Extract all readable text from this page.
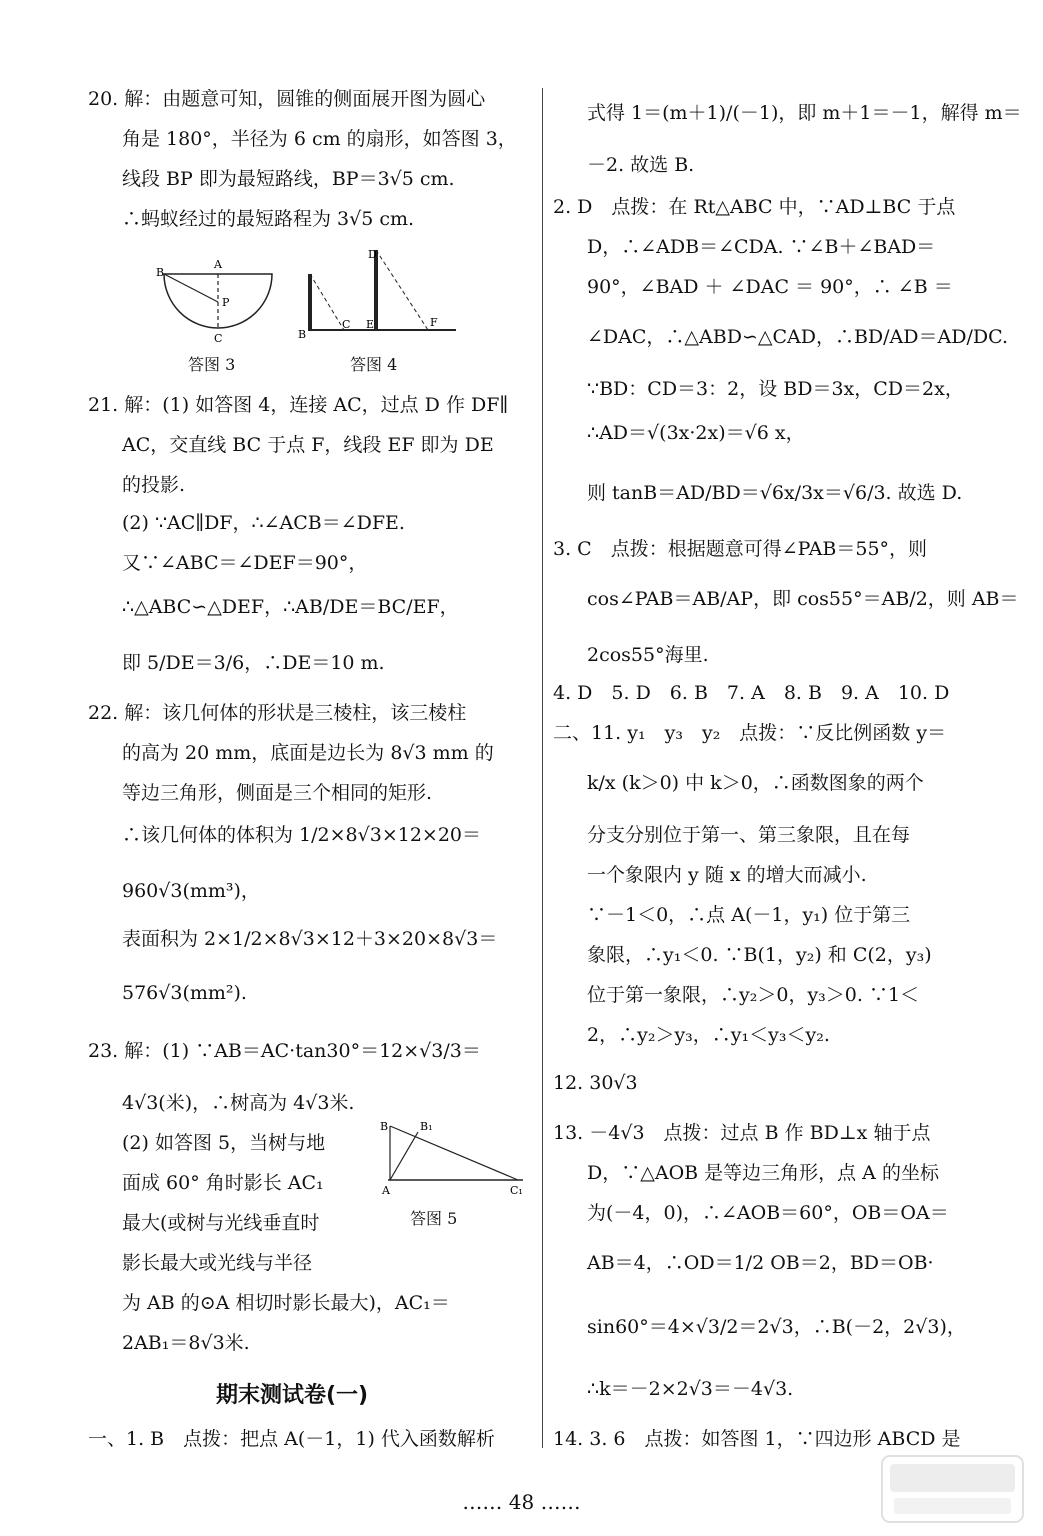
20. 解：由题意可知，圆锥的侧面展开图为圆心
角是 180°，半径为 6 cm 的扇形，如答图 3，
线段 BP 即为最短路线，BP＝3√5 cm.
∴蚂蚁经过的最短路程为 3√5 cm.
B
A
P
C
D
B
C E	F
答图 3	答图 4
21. 解：(1) 如答图 4，连接 AC，过点 D 作 DF∥
AC，交直线 BC 于点 F，线段 EF 即为 DE
的投影.
(2) ∵AC∥DF，∴∠ACB＝∠DFE.
又∵∠ABC＝∠DEF＝90°，
∴△ABC∽△DEF，∴AB/DE＝BC/EF，
即 5/DE＝3/6，∴DE＝10 m.
22. 解：该几何体的形状是三棱柱，该三棱柱
的高为 20 mm，底面是边长为 8√3 mm 的
等边三角形，侧面是三个相同的矩形.
∴该几何体的体积为 1/2×8√3×12×20＝
960√3(mm³)，
表面积为 2×1/2×8√3×12＋3×20×8√3＝
576√3(mm²).
23. 解：(1) ∵AB＝AC·tan30°＝12×√3/3＝
4√3(米)，∴树高为 4√3米.
(2) 如答图 5，当树与地
面成 60° 角时影长 AC₁
最大(或树与光线垂直时
影长最大或光线与半径
为 AB 的⊙A 相切时影长最大)，AC₁＝
2AB₁＝8√3米.
B	B₁
A	C₁
答图 5
期末测试卷(一)
一、1. B　点拨：把点 A(－1，1) 代入函数解析
式得 1＝(m＋1)/(－1)，即 m＋1＝－1，解得 m＝
－2. 故选 B.
2. D　点拨：在 Rt△ABC 中，∵AD⊥BC 于点
D，∴∠ADB＝∠CDA. ∵∠B＋∠BAD＝
90°，∠BAD ＋ ∠DAC ＝ 90°，∴ ∠B ＝
∠DAC，∴△ABD∽△CAD，∴BD/AD＝AD/DC.
∵BD：CD＝3：2，设 BD＝3x，CD＝2x，
∴AD＝√(3x·2x)＝√6 x，
则 tanB＝AD/BD＝√6x/3x＝√6/3. 故选 D.
3. C　点拨：根据题意可得∠PAB＝55°，则
cos∠PAB＝AB/AP，即 cos55°＝AB/2，则 AB＝
2cos55°海里.
4. D　5. D　6. B　7. A　8. B　9. A　10. D
二、11. y₁　y₃　y₂　点拨：∵反比例函数 y＝
k/x (k＞0) 中 k＞0，∴函数图象的两个
分支分别位于第一、第三象限，且在每
一个象限内 y 随 x 的增大而减小.
∵－1＜0，∴点 A(－1，y₁) 位于第三
象限，∴y₁＜0. ∵B(1，y₂) 和 C(2，y₃)
位于第一象限，∴y₂＞0，y₃＞0. ∵1＜
2，∴y₂＞y₃，∴y₁＜y₃＜y₂.
12. 30√3
13. －4√3　点拨：过点 B 作 BD⊥x 轴于点
D，∵△AOB 是等边三角形，点 A 的坐标
为(－4，0)，∴∠AOB＝60°，OB＝OA＝
AB＝4，∴OD＝1/2 OB＝2，BD＝OB·
sin60°＝4×√3/2＝2√3，∴B(－2，2√3)，
∴k＝－2×2√3＝－4√3.
14. 3. 6　点拨：如答图 1，∵四边形 ABCD 是
…… 48 ……
